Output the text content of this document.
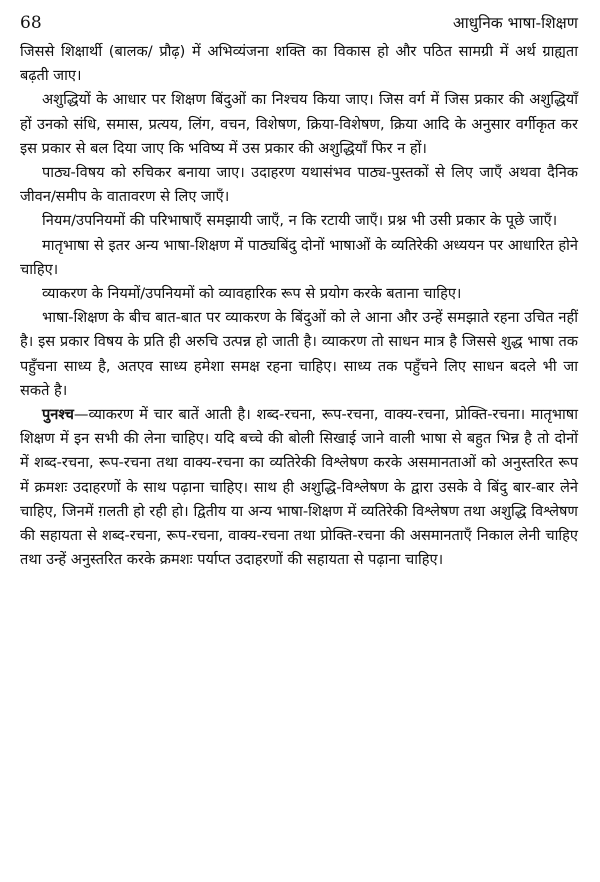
68	आधुनिक भाषा-शिक्षण

जिससे शिक्षार्थी (बालक/ प्रौढ़) में अभिव्यंजना शक्ति का विकास हो और पठित सामग्री में अर्थ ग्राह्यता बढ़ती जाए।

अशुद्धियों के आधार पर शिक्षण बिंदुओं का निश्चय किया जाए। जिस वर्ग में जिस प्रकार की अशुद्धियाँ हों उनको संधि, समास, प्रत्यय, लिंग, वचन, विशेषण, क्रिया-विशेषण, क्रिया आदि के अनुसार वर्गीकृत कर इस प्रकार से बल दिया जाए कि भविष्य में उस प्रकार की अशुद्धियाँ फिर न हों।

पाठ्य-विषय को रुचिकर बनाया जाए। उदाहरण यथासंभव पाठ्य-पुस्तकों से लिए जाएँ अथवा दैनिक जीवन/समीप के वातावरण से लिए जाएँ।

नियम/उपनियमों की परिभाषाएँ समझायी जाएँ, न कि रटायी जाएँ। प्रश्न भी उसी प्रकार के पूछे जाएँ।

मातृभाषा से इतर अन्य भाषा-शिक्षण में पाठ्यबिंदु दोनों भाषाओं के व्यतिरेकी अध्ययन पर आधारित होने चाहिए।

व्याकरण के नियमों/उपनियमों को व्यावहारिक रूप से प्रयोग करके बताना चाहिए।

भाषा-शिक्षण के बीच बात-बात पर व्याकरण के बिंदुओं को ले आना और उन्हें समझाते रहना उचित नहीं है। इस प्रकार विषय के प्रति ही अरुचि उत्पन्न हो जाती है। व्याकरण तो साधन मात्र है जिससे शुद्ध भाषा तक पहुँचना साध्य है, अतएव साध्य हमेशा समक्ष रहना चाहिए। साध्य तक पहुँचने लिए साधन बदले भी जा सकते है।

पुनश्च—व्याकरण में चार बातें आती है। शब्द-रचना, रूप-रचना, वाक्य-रचना, प्रोक्ति-रचना। मातृभाषा शिक्षण में इन सभी की लेना चाहिए। यदि बच्चे की बोली सिखाई जाने वाली भाषा से बहुत भिन्न है तो दोनों में शब्द-रचना, रूप-रचना तथा वाक्य-रचना का व्यतिरेकी विश्लेषण करके असमानताओं को अनुस्तरित रूप में क्रमशः उदाहरणों के साथ पढ़ाना चाहिए। साथ ही अशुद्धि-विश्लेषण के द्वारा उसके वे बिंदु बार-बार लेने चाहिए, जिनमें ग़लती हो रही हो। द्वितीय या अन्य भाषा-शिक्षण में व्यतिरेकी विश्लेषण तथा अशुद्धि विश्लेषण की सहायता से शब्द-रचना, रूप-रचना, वाक्य-रचना तथा प्रोक्ति-रचना की असमानताएँ निकाल लेनी चाहिए तथा उन्हें अनुस्तरित करके क्रमशः पर्याप्त उदाहरणों की सहायता से पढ़ाना चाहिए।
